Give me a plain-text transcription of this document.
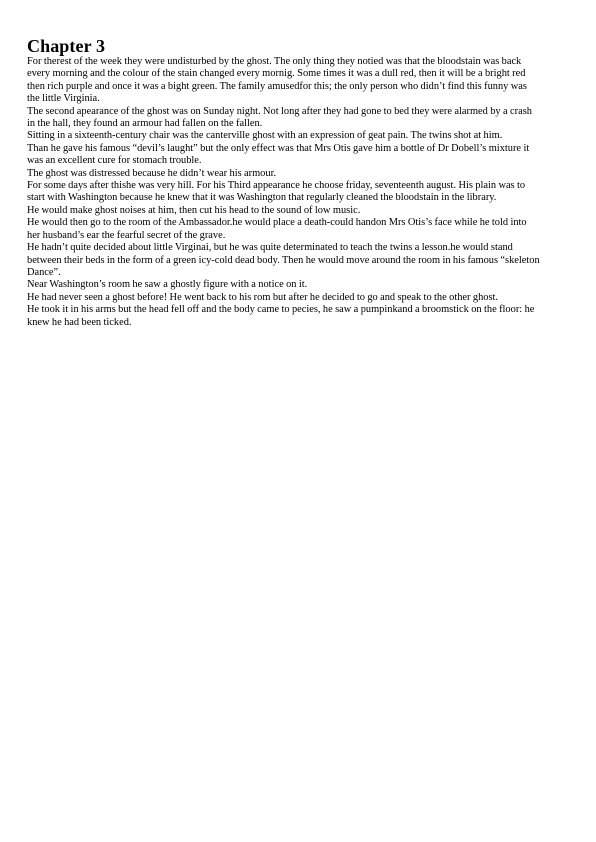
Chapter 3

For therest of the week they were undisturbed by the ghost. The only thing they notied was that the bloodstain was back every morning and the colour of the stain changed every mornig. Some times it was a dull red, then it will be a bright red then rich purple and once it was a bight green. The family amusedfor this; the only person who didn’t find this funny was the little Virginia.

The second apearance of the ghost was on Sunday night. Not long after they had gone to bed they were alarmed by a crash in the hall, they found an armour had fallen on the fallen.

Sitting in a sixteenth-century chair was the canterville ghost with an expression of geat pain. The twins shot at him.

Than he gave his famous “devil’s laught” but the only effect was that Mrs Otis gave him a bottle of Dr Dobell’s mixture it was an excellent cure for stomach trouble.

The ghost was distressed because he didn’t wear his armour.

For some days after thishe was very hill. For his Third appearance he choose friday, seventeenth august. His plain was to start with Washington because he knew that it was Washington that regularly cleaned the bloodstain in the library.

He would make ghost noises at him, then cut his head to the sound of low music.

He would then go to the room of the Ambassador.he would place a death-could handon Mrs Otis’s face while he told into her husband’s ear the fearful secret of the grave.

He hadn’t quite decided about little Virginai, but he was quite determinated to teach the twins a lesson.he would stand between their beds in the form of a green icy-cold dead body. Then he would move around the room in his famous “skeleton Dance”.

Near Washington’s room he saw a ghostly figure with a notice on it.

He had never seen a ghost before! He went back to his rom but after he decided to go and speak to the other ghost.

He took it in his arms but the head fell off and the body came to pecies, he saw a pumpinkand a broomstick on the floor: he knew he had been ticked.
